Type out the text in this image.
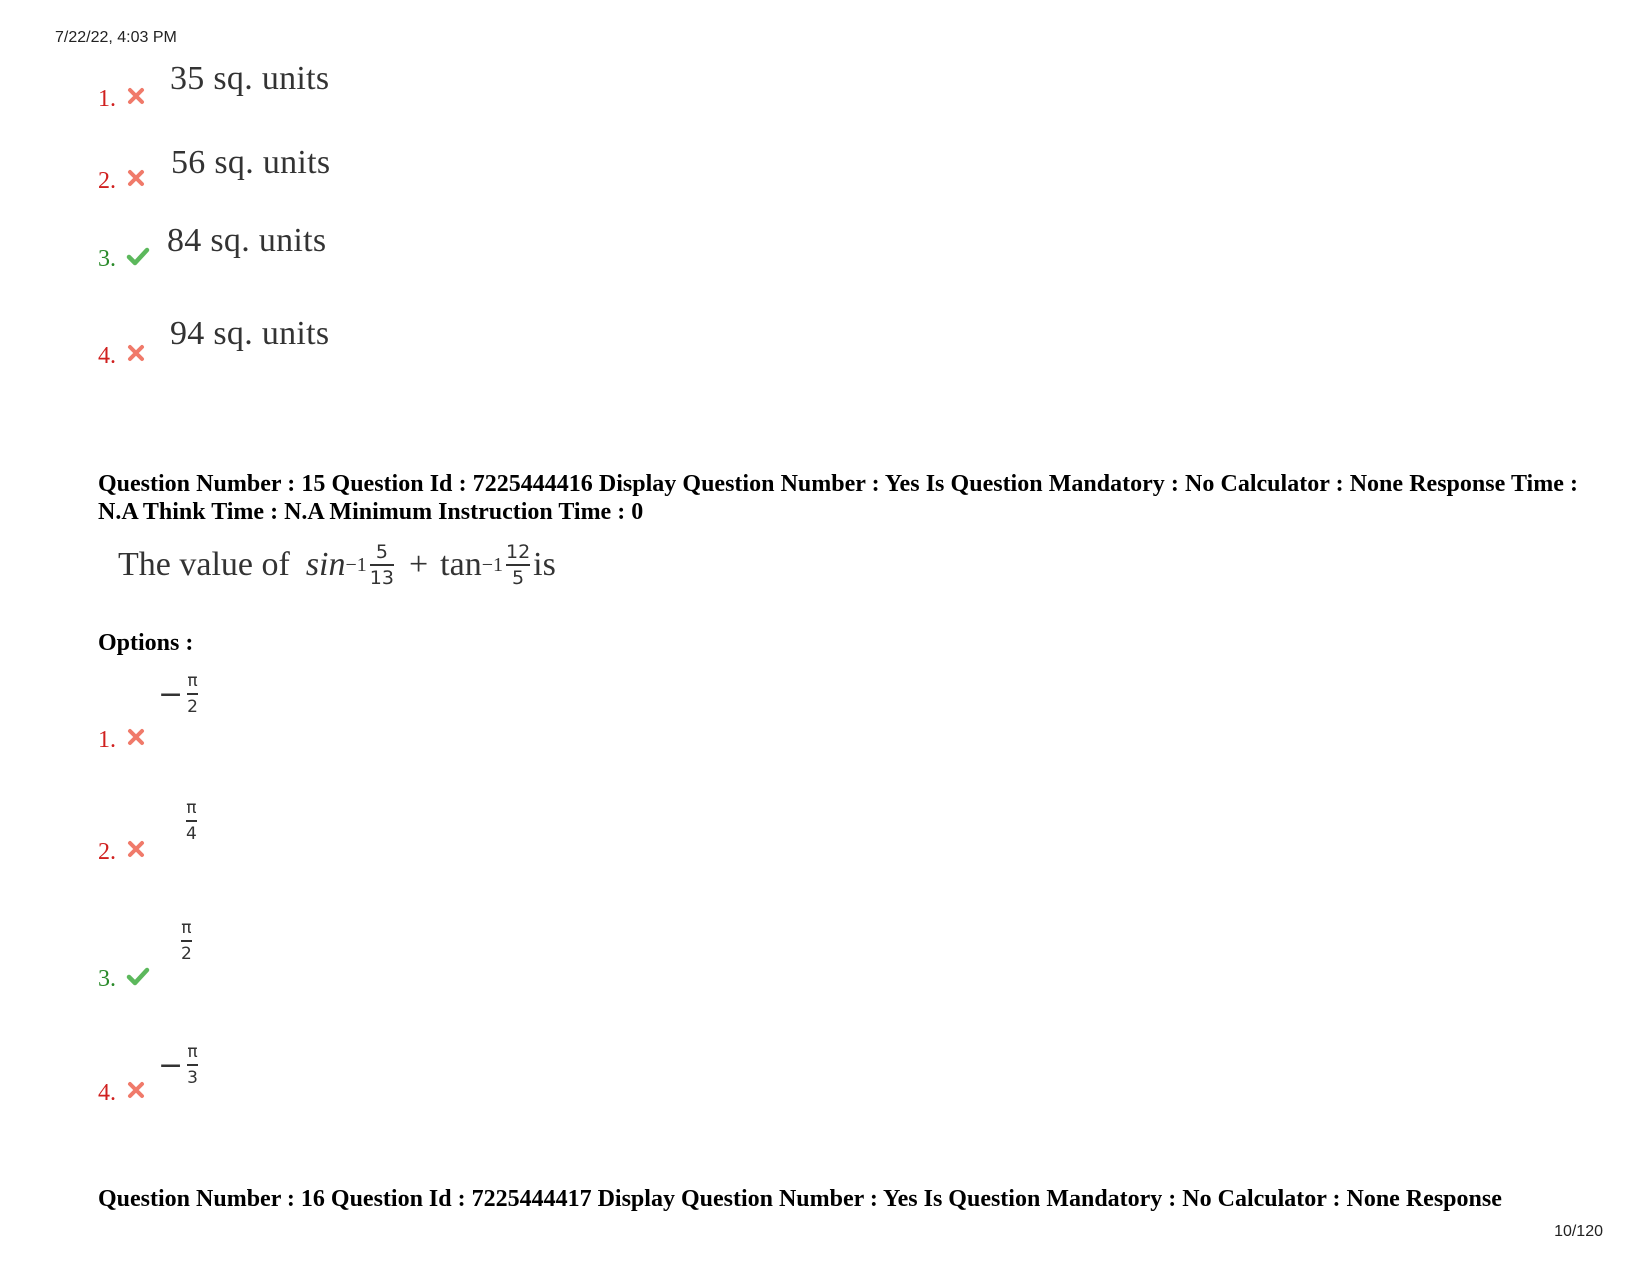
7/22/22, 4:03 PM
1.
35 sq. units
2. 56 sq. units
3. 84 sq. units
4.
94 sq. units
Question Number : 15 Question Id : 7225444416 Display Question Number : Yes Is Question Mandatory : No Calculator : None Response Time : N.A Think Time : N.A Minimum Instruction Time : 0
The value of $\sin -1 \frac{5}{13} + \tan -1 \frac{12}{5}$ is
Options :
1.
− $\frac{\pi}{2}$
2.
$\frac{\pi}{4}$
3.
$\frac{\pi}{2}$
4.
− $\frac{\pi}{3}$
Question Number : 16 Question Id : 7225444417 Display Question Number : Yes Is Question Mandatory : No Calculator : None Response
10/120
